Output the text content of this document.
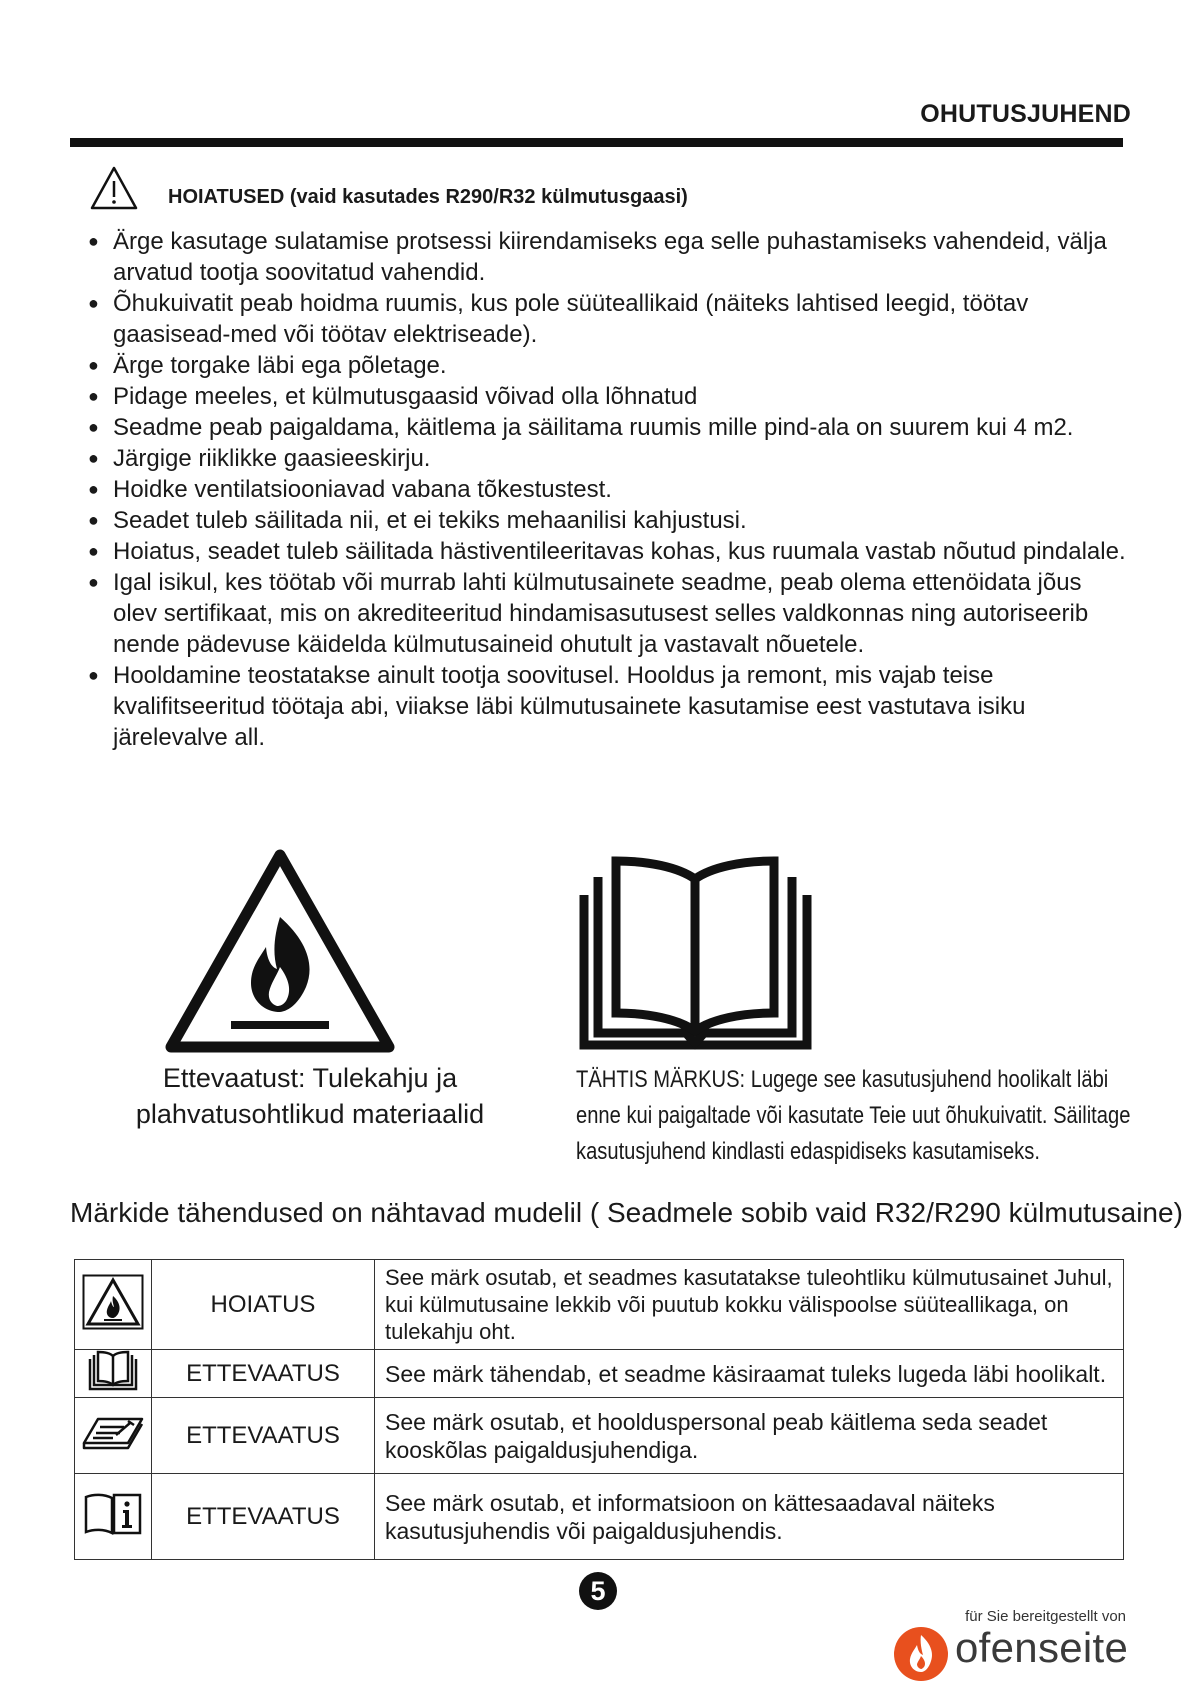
OHUTUSJUHEND
HOIATUSED (vaid kasutades R290/R32 külmutusgaasi)
● Ärge kasutage sulatamise protsessi kiirendamiseks ega selle puhastamiseks vahendeid, välja arvatud tootja soovitatud vahendid.
● Õhukuivatit peab hoidma ruumis, kus pole süüteallikaid (näiteks lahtised leegid, töötav gaasisead-med või töötav elektriseade).
● Ärge torgake läbi ega põletage.
● Pidage meeles, et külmutusgaasid võivad olla lõhnatud
● Seadme peab paigaldama, käitlema ja säilitama ruumis mille pind-ala on suurem kui 4 m2.
● Järgige riiklikke gaasieeskirju.
● Hoidke ventilatsiooniavad vabana tõkestustest.
● Seadet tuleb säilitada nii, et ei tekiks mehaanilisi kahjustusi.
● Hoiatus, seadet tuleb säilitada hästiventileeritavas kohas, kus ruumala vastab nõutud pindalale.
● Igal isikul, kes töötab või murrab lahti külmutusainete seadme, peab olema ettenöidata jõus olev sertifikaat, mis on akrediteeritud hindamisasutusest selles valdkonnas ning autoriseerib nende pädevuse käidelda külmutusaineid ohutult ja vastavalt nõuetele.
● Hooldamine teostatakse ainult tootja soovitusel. Hooldus ja remont, mis vajab teise kvalifitseeritud töötaja abi, viiakse läbi külmutusainete kasutamise eest vastutava isiku järelevalve all.
Ettevaatust: Tulekahju ja plahvatusohtlikud materiaalid
TÄHTIS MÄRKUS: Lugege see kasutusjuhend hoolikalt läbi enne kui paigaltade või kasutate Teie uut õhukuivatit. Säilitage kasutusjuhend kindlasti edaspidiseks kasutamiseks.
Märkide tähendused on nähtavad mudelil ( Seadmele sobib vaid R32/R290 külmutusaine)
	HOIATUS	See märk osutab, et seadmes kasutatakse tuleohtliku külmutusainet Juhul, kui külmutusaine lekkib või puutub kokku välispoolse süüteallikaga, on tulekahju oht.
	ETTEVAATUS	See märk tähendab, et seadme käsiraamat tuleks lugeda läbi hoolikalt.
	ETTEVAATUS	See märk osutab, et hoolduspersonal peab käitlema seda seadet kooskõlas paigaldusjuhendiga.
	ETTEVAATUS	See märk osutab, et informatsioon on kättesaadaval näiteks kasutusjuhendis või paigaldusjuhendis.
5
für Sie bereitgestellt von
ofenseite
